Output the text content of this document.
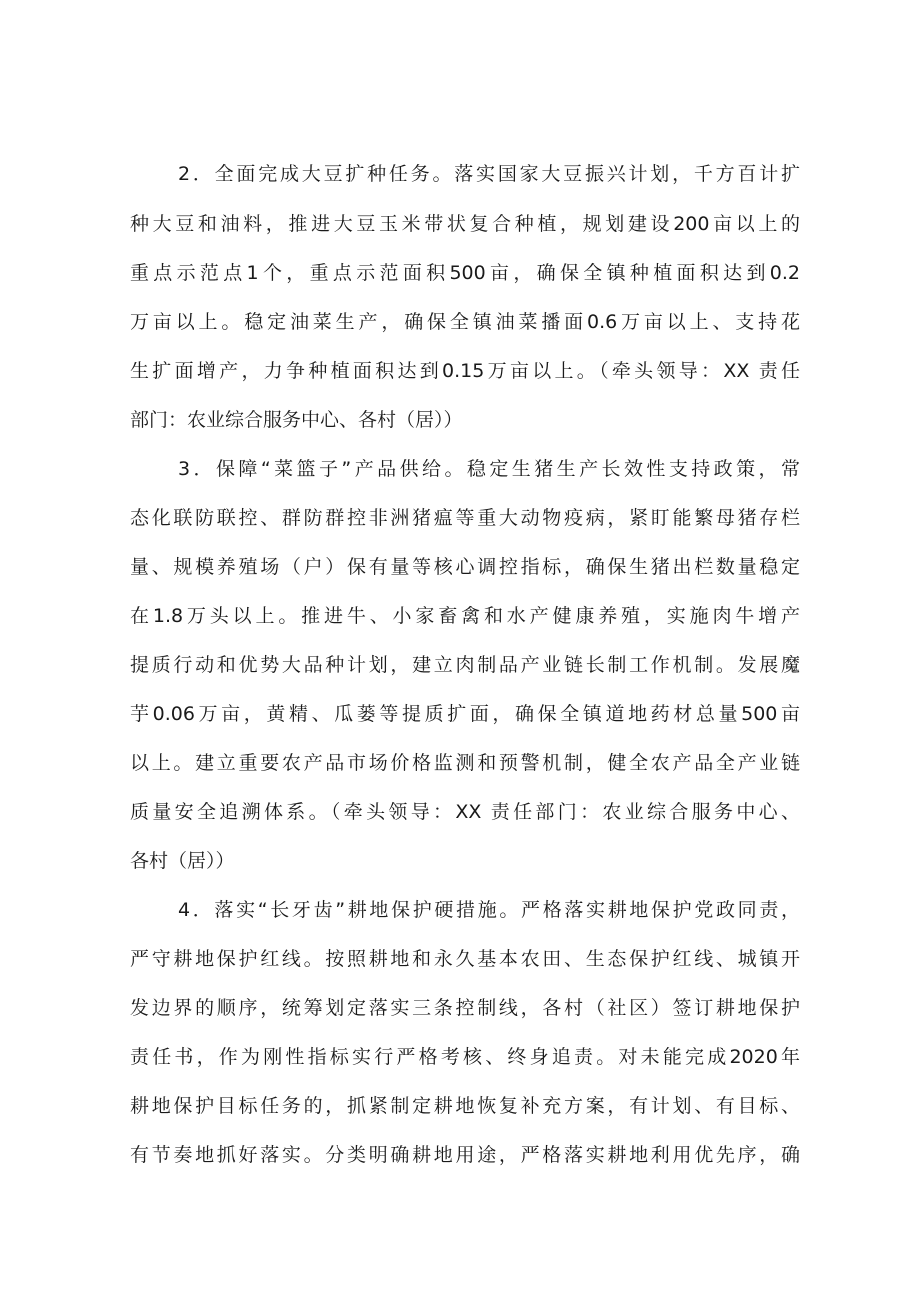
2．全面完成大豆扩种任务。落实国家大豆振兴计划，千方百计扩

种大豆和油料，推进大豆玉米带状复合种植，规划建设200亩以上的

重点示范点1个，重点示范面积500亩，确保全镇种植面积达到0.2

万亩以上。稳定油菜生产，确保全镇油菜播面0.6万亩以上、支持花

生扩面增产，力争种植面积达到0.15万亩以上。（牵头领导：XX 责任

部门：农业综合服务中心、各村（居））

3．保障“菜篮子”产品供给。稳定生猪生产长效性支持政策，常

态化联防联控、群防群控非洲猪瘟等重大动物疫病，紧盯能繁母猪存栏

量、规模养殖场（户）保有量等核心调控指标，确保生猪出栏数量稳定

在1.8万头以上。推进牛、小家畜禽和水产健康养殖，实施肉牛增产

提质行动和优势大品种计划，建立肉制品产业链长制工作机制。发展魔

芋0.06万亩，黄精、瓜蒌等提质扩面，确保全镇道地药材总量500亩

以上。建立重要农产品市场价格监测和预警机制，健全农产品全产业链

质量安全追溯体系。（牵头领导：XX 责任部门：农业综合服务中心、

各村（居））

4．落实“长牙齿”耕地保护硬措施。严格落实耕地保护党政同责，

严守耕地保护红线。按照耕地和永久基本农田、生态保护红线、城镇开

发边界的顺序，统筹划定落实三条控制线，各村（社区）签订耕地保护

责任书，作为刚性指标实行严格考核、终身追责。对未能完成2020年

耕地保护目标任务的，抓紧制定耕地恢复补充方案，有计划、有目标、

有节奏地抓好落实。分类明确耕地用途，严格落实耕地利用优先序，确
